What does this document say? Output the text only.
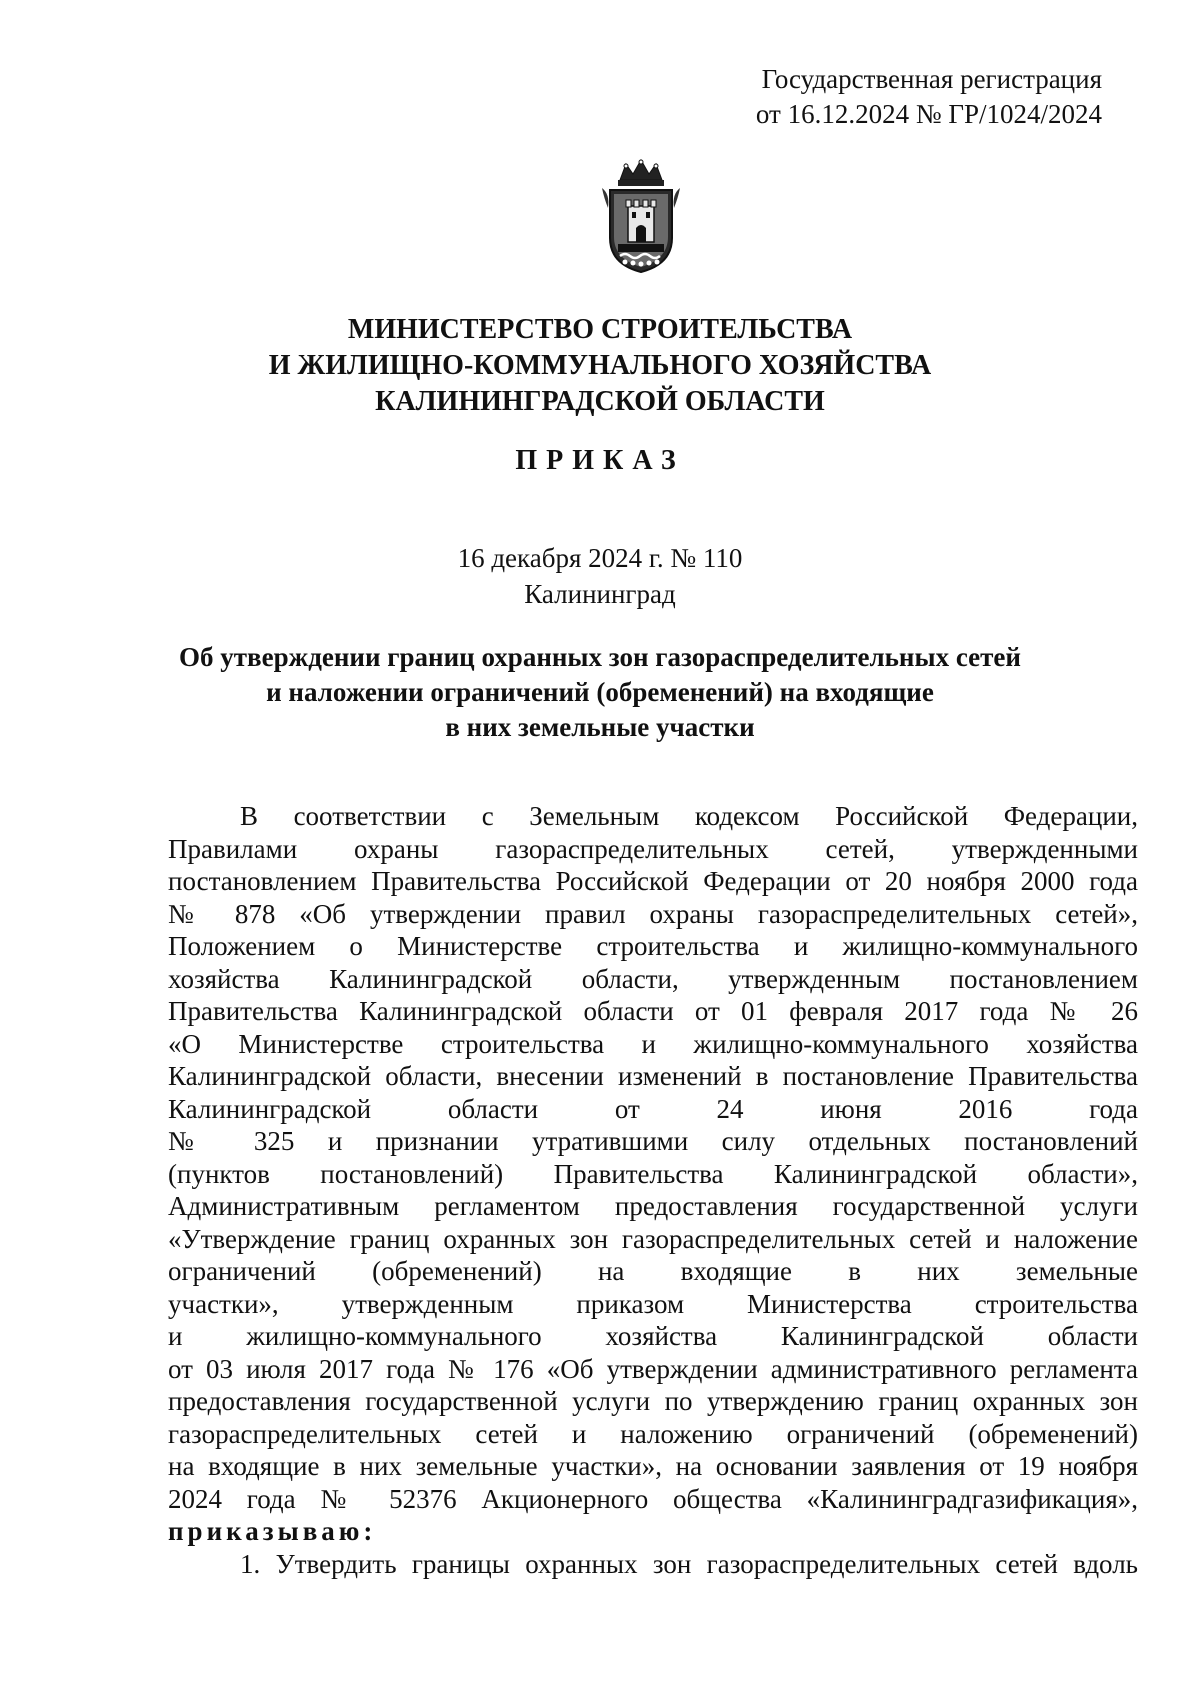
Государственная регистрация
от 16.12.2024 № ГР/1024/2024
МИНИСТЕРСТВО СТРОИТЕЛЬСТВА
И ЖИЛИЩНО-КОММУНАЛЬНОГО ХОЗЯЙСТВА
КАЛИНИНГРАДСКОЙ ОБЛАСТИ
ПРИКАЗ
16 декабря 2024 г. № 110
Калининград
Об утверждении границ охранных зон газораспределительных сетей
и наложении ограничений (обременений) на входящие
в них земельные участки
В соответствии с Земельным кодексом Российской Федерации,
Правилами охраны газораспределительных сетей, утвержденными
постановлением Правительства Российской Федерации от 20 ноября 2000 года
№ 878 «Об утверждении правил охраны газораспределительных сетей»,
Положением о Министерстве строительства и жилищно-коммунального
хозяйства Калининградской области, утвержденным постановлением
Правительства Калининградской области от 01 февраля 2017 года № 26
«О Министерстве строительства и жилищно-коммунального хозяйства
Калининградской области, внесении изменений в постановление Правительства
Калининградской области от 24 июня 2016 года
№ 325 и признании утратившими силу отдельных постановлений
(пунктов постановлений) Правительства Калининградской области»,
Административным регламентом предоставления государственной услуги
«Утверждение границ охранных зон газораспределительных сетей и наложение
ограничений (обременений) на входящие в них земельные
участки», утвержденным приказом Министерства строительства
и жилищно-коммунального хозяйства Калининградской области
от 03 июля 2017 года № 176 «Об утверждении административного регламента
предоставления государственной услуги по утверждению границ охранных зон
газораспределительных сетей и наложению ограничений (обременений)
на входящие в них земельные участки», на основании заявления от 19 ноября
2024 года № 52376 Акционерного общества «Калининградгазификация»,
приказываю:
1. Утвердить границы охранных зон газораспределительных сетей вдоль
